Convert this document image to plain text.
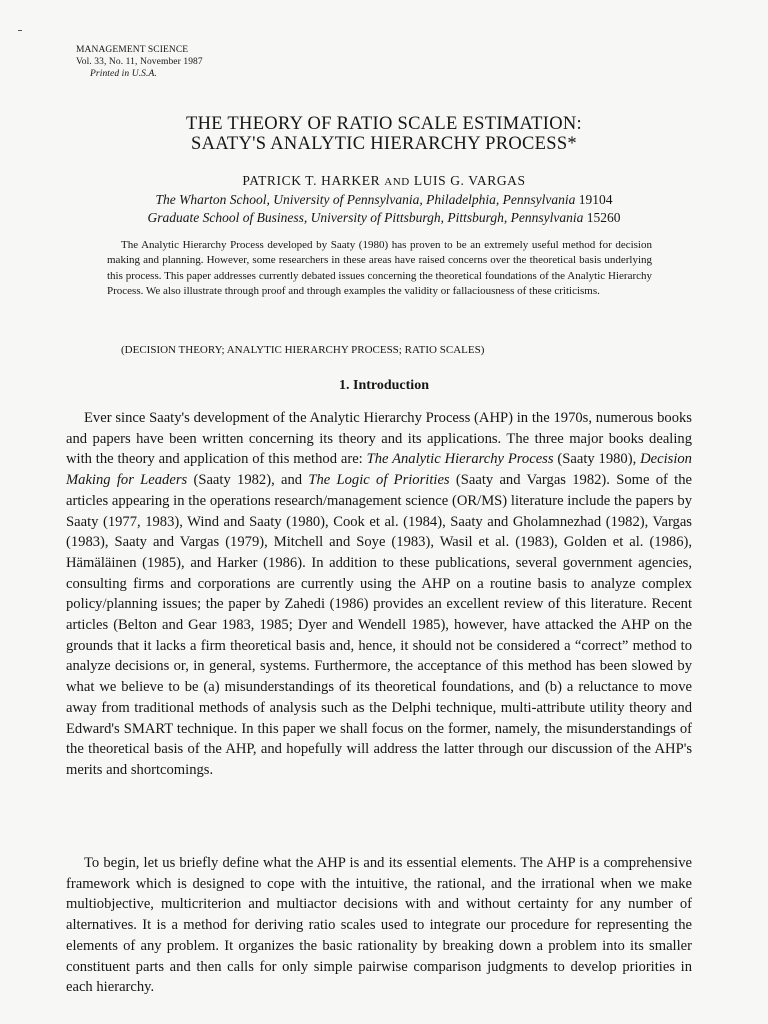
MANAGEMENT SCIENCE
Vol. 33, No. 11, November 1987
Printed in U.S.A.
THE THEORY OF RATIO SCALE ESTIMATION:
SAATY'S ANALYTIC HIERARCHY PROCESS*
PATRICK T. HARKER AND LUIS G. VARGAS
The Wharton School, University of Pennsylvania, Philadelphia, Pennsylvania 19104
Graduate School of Business, University of Pittsburgh, Pittsburgh, Pennsylvania 15260

The Analytic Hierarchy Process developed by Saaty (1980) has proven to be an extremely useful method for decision making and planning. However, some researchers in these areas have raised concerns over the theoretical basis underlying this process. This paper addresses currently debated issues concerning the theoretical foundations of the Analytic Hierarchy Process. We also illustrate through proof and through examples the validity or fallaciousness of these criticisms.

(DECISION THEORY; ANALYTIC HIERARCHY PROCESS; RATIO SCALES)
1. Introduction

Ever since Saaty's development of the Analytic Hierarchy Process (AHP) in the 1970s, numerous books and papers have been written concerning its theory and its applications. The three major books dealing with the theory and application of this method are: The Analytic Hierarchy Process (Saaty 1980), Decision Making for Leaders (Saaty 1982), and The Logic of Priorities (Saaty and Vargas 1982). Some of the articles appearing in the operations research/management science (OR/MS) literature include the papers by Saaty (1977, 1983), Wind and Saaty (1980), Cook et al. (1984), Saaty and Gholamnezhad (1982), Vargas (1983), Saaty and Vargas (1979), Mitchell and Soye (1983), Wasil et al. (1983), Golden et al. (1986), Hämäläinen (1985), and Harker (1986). In addition to these publications, several government agencies, consulting firms and corporations are currently using the AHP on a routine basis to analyze complex policy/planning issues; the paper by Zahedi (1986) provides an excellent review of this literature. Recent articles (Belton and Gear 1983, 1985; Dyer and Wendell 1985), however, have attacked the AHP on the grounds that it lacks a firm theoretical basis and, hence, it should not be considered a “correct” method to analyze decisions or, in general, systems. Furthermore, the acceptance of this method has been slowed by what we believe to be (a) misunderstandings of its theoretical foundations, and (b) a reluctance to move away from traditional methods of analysis such as the Delphi technique, multi-attribute utility theory and Edward's SMART technique. In this paper we shall focus on the former, namely, the misunderstandings of the theoretical basis of the AHP, and hopefully will address the latter through our discussion of the AHP's merits and shortcomings.

To begin, let us briefly define what the AHP is and its essential elements. The AHP is a comprehensive framework which is designed to cope with the intuitive, the rational, and the irrational when we make multiobjective, multicriterion and multiactor decisions with and without certainty for any number of alternatives. It is a method for deriving ratio scales used to integrate our procedure for representing the elements of any problem. It organizes the basic rationality by breaking down a problem into its smaller constituent parts and then calls for only simple pairwise comparison judgments to develop priorities in each hierarchy.
